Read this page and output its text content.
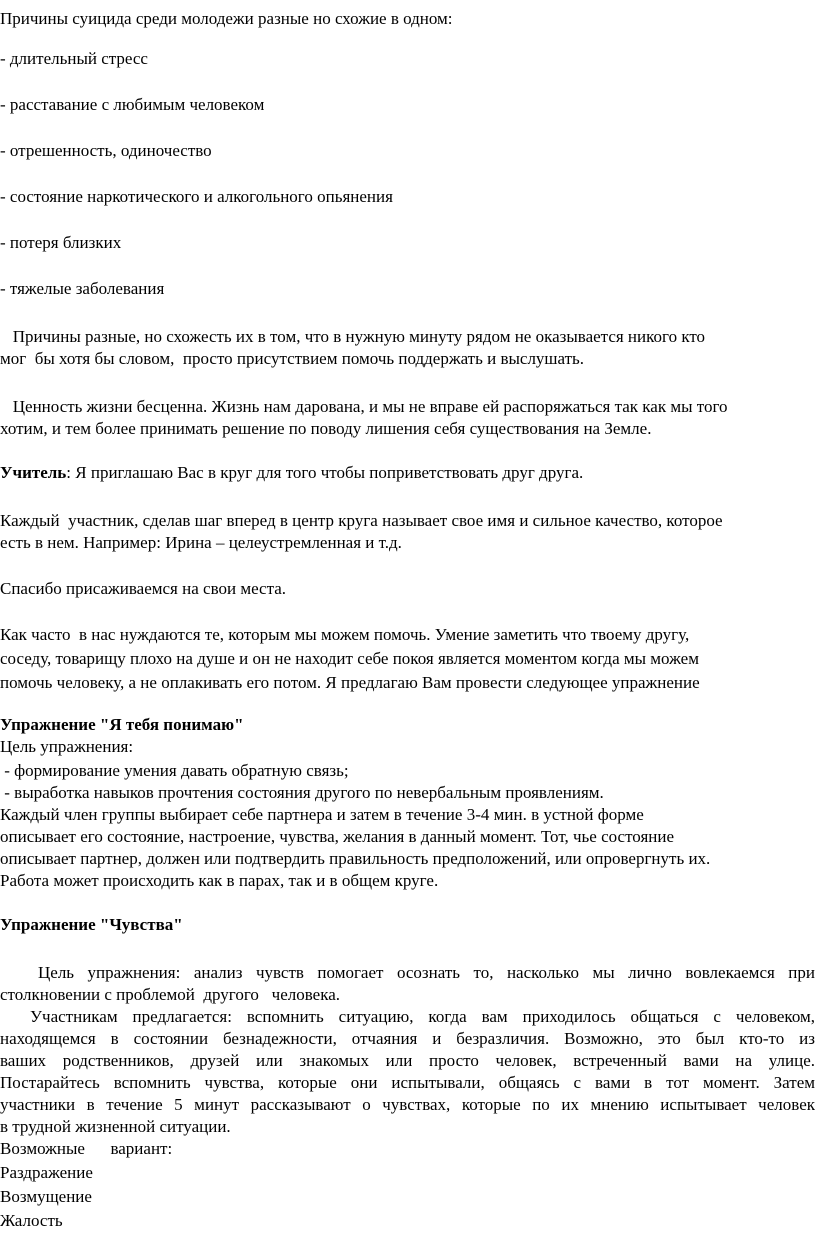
Причины суицида среди молодежи разные но схожие в одном:
- длительный стресс
- расставание с любимым человеком
- отрешенность, одиночество
- состояние наркотического и алкогольного опьянения
- потеря близких
- тяжелые заболевания
Причины разные, но схожесть их в том, что в нужную минуту рядом не оказывается никого кто
мог  бы хотя бы словом,  просто присутствием помочь поддержать и выслушать.
Ценность жизни бесценна. Жизнь нам дарована, и мы не вправе ей распоряжаться так как мы того
хотим, и тем более принимать решение по поводу лишения себя существования на Земле.
Учитель: Я приглашаю Вас в круг для того чтобы поприветствовать друг друга.
Каждый  участник, сделав шаг вперед в центр круга называет свое имя и сильное качество, которое
есть в нем. Например: Ирина – целеустремленная и т.д.
Спасибо присаживаемся на свои места.
Как часто  в нас нуждаются те, которым мы можем помочь. Умение заметить что твоему другу,
соседу, товарищу плохо на душе и он не находит себе покоя является моментом когда мы можем
помочь человеку, а не оплакивать его потом. Я предлагаю Вам провести следующее упражнение
Упражнение "Я тебя понимаю"
Цель упражнения:
- формирование умения давать обратную связь;
- выработка навыков прочтения состояния другого по невербальным проявлениям.
Каждый член группы выбирает себе партнера и затем в течение 3-4 мин. в устной форме
описывает его состояние, настроение, чувства, желания в данный момент. Тот, чье состояние
описывает партнер, должен или подтвердить правильность предположений, или опровергнуть их.
Работа может происходить как в парах, так и в общем круге.
Упражнение "Чувства"
Цель упражнения: анализ чувств помогает осознать то, насколько мы лично вовлекаемся при
столкновении с проблемой  другого   человека.
Участникам предлагается: вспомнить ситуацию, когда вам приходилось общаться с человеком,
находящемся в состоянии безнадежности, отчаяния и безразличия. Возможно, это был кто-то из
ваших родственников, друзей или знакомых или просто человек, встреченный вами на улице.
Постарайтесь вспомнить чувства, которые они испытывали, общаясь с вами в тот момент. Затем
участники в течение 5 минут рассказывают о чувствах, которые по их мнению испытывает человек
в трудной жизненной ситуации.
Возможные      вариант:
Раздражение
Возмущение
Жалость
